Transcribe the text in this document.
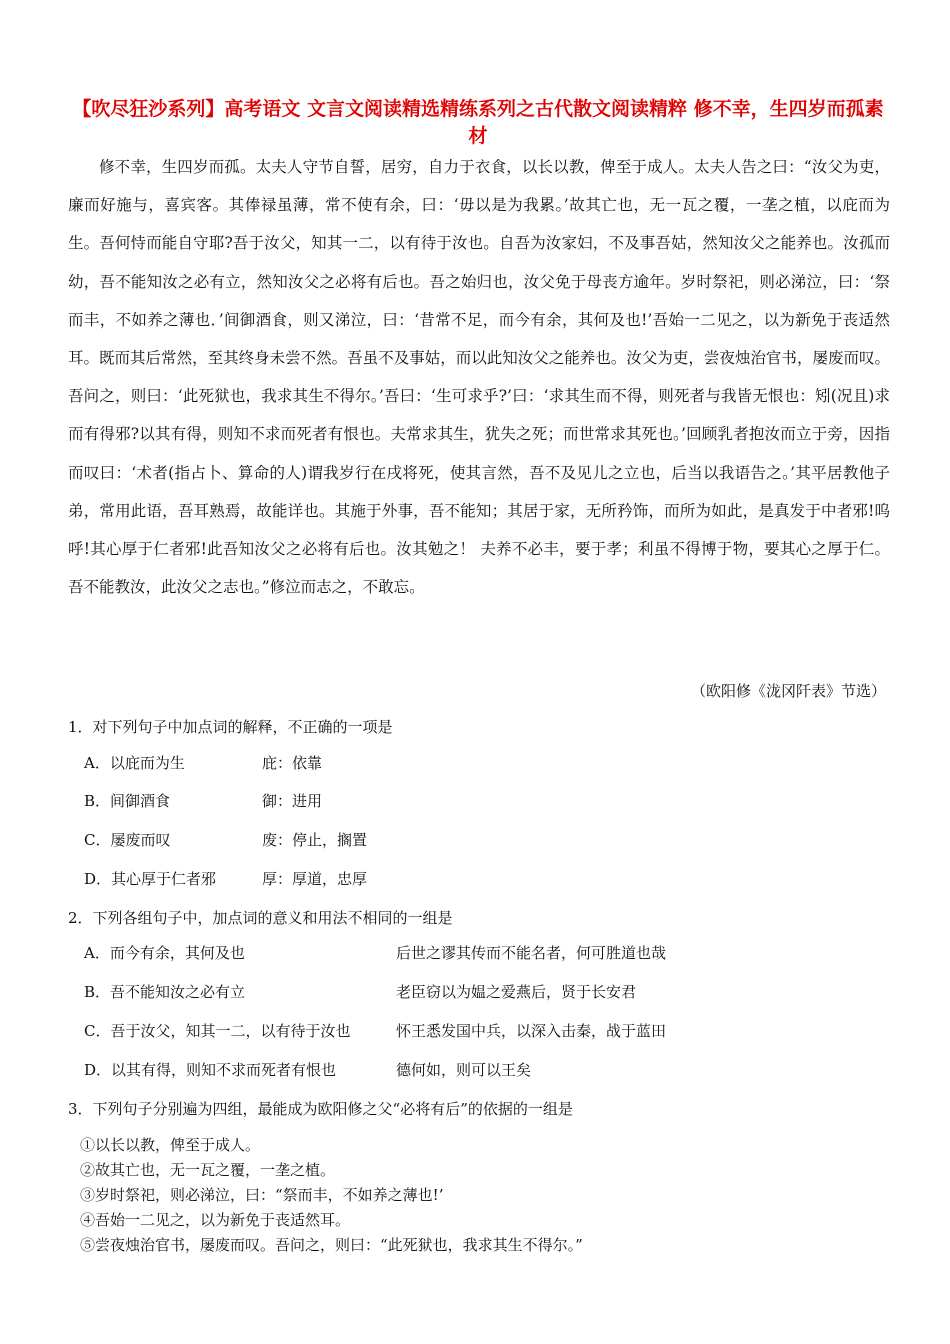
【吹尽狂沙系列】高考语文 文言文阅读精选精练系列之古代散文阅读精粹 修不幸，生四岁而孤素材

修不幸，生四岁而孤。太夫人守节自誓，居穷，自力于衣食，以长以教，俾至于成人。太夫人告之曰：“汝父为吏，廉而好施与，喜宾客。其俸禄虽薄，常不使有余，曰：‘毋以是为我累。’故其亡也，无一瓦之覆，一垄之植，以庇而为生。吾何恃而能自守耶?吾于汝父，知其一二，以有待于汝也。自吾为汝家妇，不及事吾姑，然知汝父之能养也。汝孤而幼，吾不能知汝之必有立，然知汝父之必将有后也。吾之始归也，汝父免于母丧方逾年。岁时祭祀，则必涕泣，曰：‘祭而丰，不如养之薄也．’间御酒食，则又涕泣，曰：‘昔常不足，而今有余，其何及也!’吾始一二见之，以为新免于丧适然耳。既而其后常然，至其终身未尝不然。吾虽不及事姑，而以此知汝父之能养也。汝父为吏，尝夜烛治官书，屡废而叹。吾问之，则曰：‘此死狱也，我求其生不得尔。’吾曰：‘生可求乎?’曰：‘求其生而不得，则死者与我皆无恨也：矧(况且)求而有得邪?以其有得，则知不求而死者有恨也。夫常求其生，犹失之死；而世常求其死也。’回顾乳者抱汝而立于旁，因指而叹曰：‘术者(指占卜、算命的人)谓我岁行在戌将死，使其言然，吾不及见儿之立也，后当以我语告之。’其平居教他子弟，常用此语，吾耳熟焉，故能详也。其施于外事，吾不能知；其居于家，无所矜饰，而所为如此，是真发于中者邪!呜呼!其心厚于仁者邪!此吾知汝父之必将有后也。汝其勉之！ 夫养不必丰，要于孝；利虽不得博于物，要其心之厚于仁。吾不能教汝，此汝父之志也。”修泣而志之，不敢忘。

（欧阳修《泷冈阡表》节选）
1．对下列句子中加点词的解释，不正确的一项是
A．以庇而为生	庇：依靠
B．间御酒食	御：进用
C．屡废而叹	废：停止，搁置
D．其心厚于仁者邪	厚：厚道，忠厚
2．下列各组句子中，加点词的意义和用法不相同的一组是
A．而今有余，其何及也	后世之谬其传而不能名者，何可胜道也哉
B．吾不能知汝之必有立	老臣窃以为媪之爱燕后，贤于长安君
C．吾于汝父，知其一二，以有待于汝也	怀王悉发国中兵，以深入击秦，战于蓝田
D．以其有得，则知不求而死者有恨也	德何如，则可以王矣
3．下列句子分别遍为四组，最能成为欧阳修之父“必将有后”的依据的一组是
①以长以教，俾至于成人。
②故其亡也，无一瓦之覆，一垄之植。
③岁时祭祀，则必涕泣，曰：“祭而丰，不如养之薄也!’
④吾始一二见之，以为新免于丧适然耳。
⑤尝夜烛治官书，屡废而叹。吾问之，则曰：“此死狱也，我求其生不得尔。”
